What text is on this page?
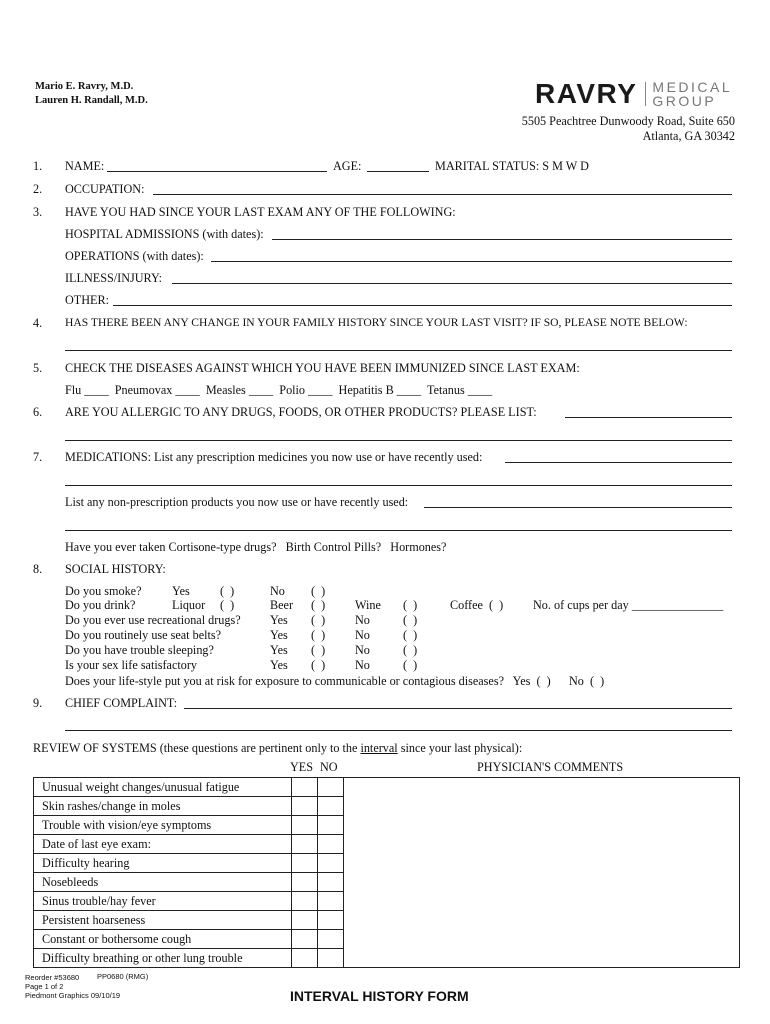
Mario E. Ravry, M.D.
Lauren H. Randall, M.D.	RAVRY MEDICAL
GROUP
5505 Peachtree Dunwoody Road, Suite 650
Atlanta, GA 30342
1. NAME:	AGE:	MARITAL STATUS: S M W D
2. OCCUPATION:
3. HAVE YOU HAD SINCE YOUR LAST EXAM ANY OF THE FOLLOWING:
HOSPITAL ADMISSIONS (with dates):
OPERATIONS (with dates):
ILLNESS/INJURY:
OTHER:
4. HAS THERE BEEN ANY CHANGE IN YOUR FAMILY HISTORY SINCE YOUR LAST VISIT? IF SO, PLEASE NOTE BELOW:
5. CHECK THE DISEASES AGAINST WHICH YOU HAVE BEEN IMMUNIZED SINCE LAST EXAM:
Flu ____  Pneumovax ____  Measles ____  Polio ____  Hepatitis B ____  Tetanus ____
6. ARE YOU ALLERGIC TO ANY DRUGS, FOODS, OR OTHER PRODUCTS? PLEASE LIST:
7. MEDICATIONS: List any prescription medicines you now use or have recently used:
List any non-prescription products you now use or have recently used:
Have you ever taken Cortisone-type drugs?   Birth Control Pills?   Hormones?
8. SOCIAL HISTORY:
Do you smoke?	Yes (  )	No (  )
Do you drink?	Liquor (  )	Beer (  ) Wine (  )	Coffee  (  ) No. of cups per day _______________
Do you ever use recreational drugs? Yes (  ) No	(  )
Do you routinely use seat belts?	Yes (  ) No	(  )
Do you have trouble sleeping?	Yes (  ) No	(  )
Is your sex life satisfactory	Yes (  ) No	(  )
Does your life-style put you at risk for exposure to communicable or contagious diseases?   Yes  (  )      No  (  )
9. CHIEF COMPLAINT:
REVIEW OF SYSTEMS (these questions are pertinent only to the interval since your last physical):
YES NO	PHYSICIAN'S COMMENTS
Unusual weight changes/unusual fatigue			
Skin rashes/change in moles			
Trouble with vision/eye symptoms			
Date of last eye exam:			
Difficulty hearing			
Nosebleeds			
Sinus trouble/hay fever			
Persistent hoarseness			
Constant or bothersome cough			
Difficulty breathing or other lung trouble			
Reorder #53680
Page 1 of 2
Piedmont Graphics 09/10/19
PP0680 (RMG)
INTERVAL HISTORY FORM
